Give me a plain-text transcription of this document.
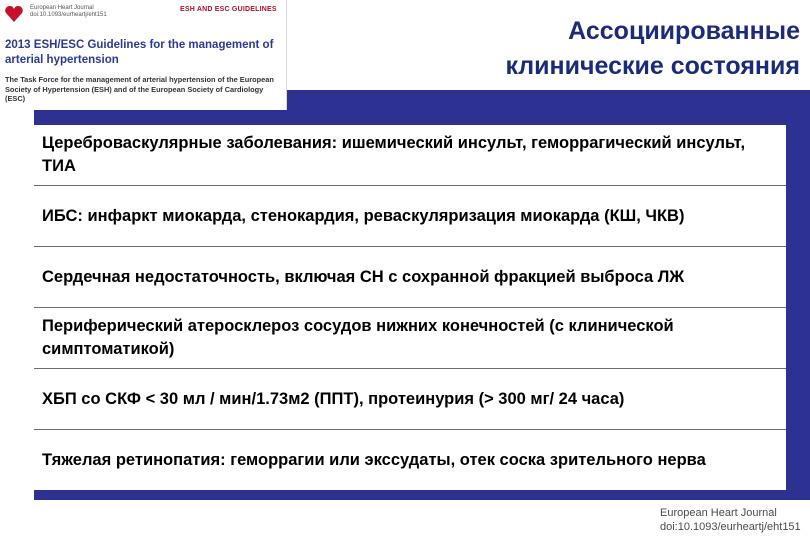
European Heart Journal doi:10.1093/eurheartj/eht151
ESH AND ESC GUIDELINES
2013 ESH/ESC Guidelines for the management of arterial hypertension
The Task Force for the management of arterial hypertension of the European Society of Hypertension (ESH) and of the European Society of Cardiology (ESC)
Ассоциированные
клинические состояния
Цереброваскулярные заболевания: ишемический инсульт, геморрагический инсульт, ТИА
ИБС: инфаркт миокарда, стенокардия, реваскуляризация миокарда (КШ, ЧКВ)
Сердечная недостаточность, включая СН с сохранной фракцией выброса ЛЖ
Периферический атеросклероз сосудов нижних конечностей (с клинической симптоматикой)
ХБП со СКФ < 30 мл / мин/1.73м2 (ППТ), протеинурия (> 300 мг/ 24 часа)
Тяжелая ретинопатия: геморрагии или экссудаты, отек соска зрительного нерва
European Heart Journal
doi:10.1093/eurheartj/eht151
